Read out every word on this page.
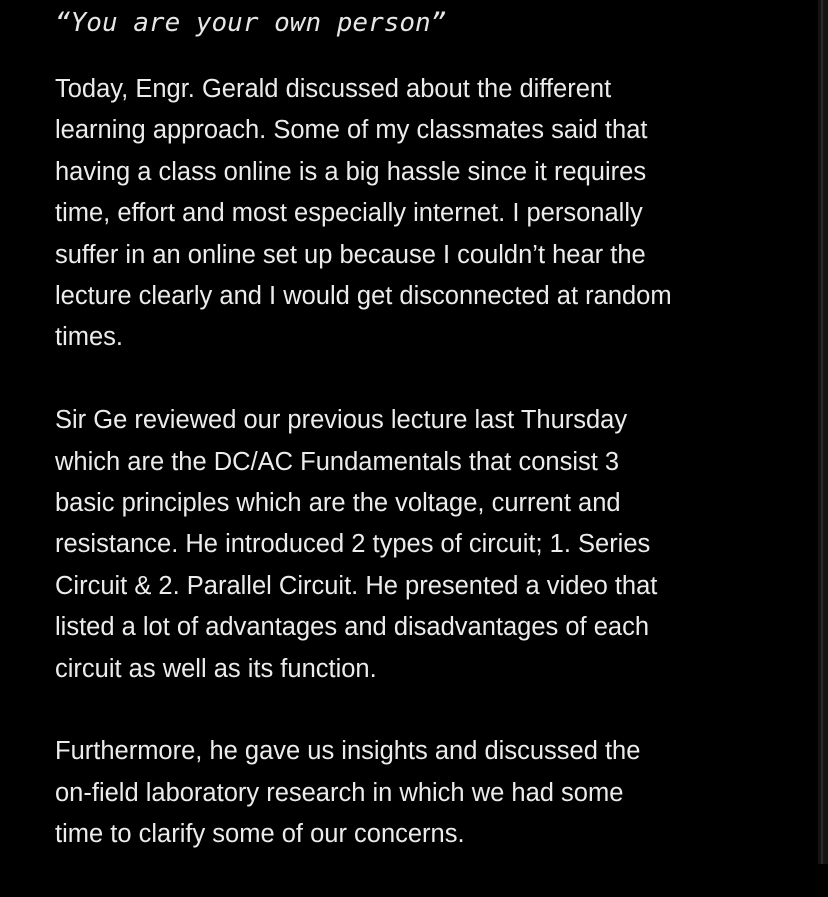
“You are your own person”

Today, Engr. Gerald discussed about the different
learning approach. Some of my classmates said that
having a class online is a big hassle since it requires
time, effort and most especially internet. I personally
suffer in an online set up because I couldn’t hear the
lecture clearly and I would get disconnected at random
times.

Sir Ge reviewed our previous lecture last Thursday
which are the DC/AC Fundamentals that consist 3
basic principles which are the voltage, current and
resistance. He introduced 2 types of circuit; 1. Series
Circuit & 2. Parallel Circuit. He presented a video that
listed a lot of advantages and disadvantages of each
circuit as well as its function.

Furthermore, he gave us insights and discussed the
on-field laboratory research in which we had some
time to clarify some of our concerns.
